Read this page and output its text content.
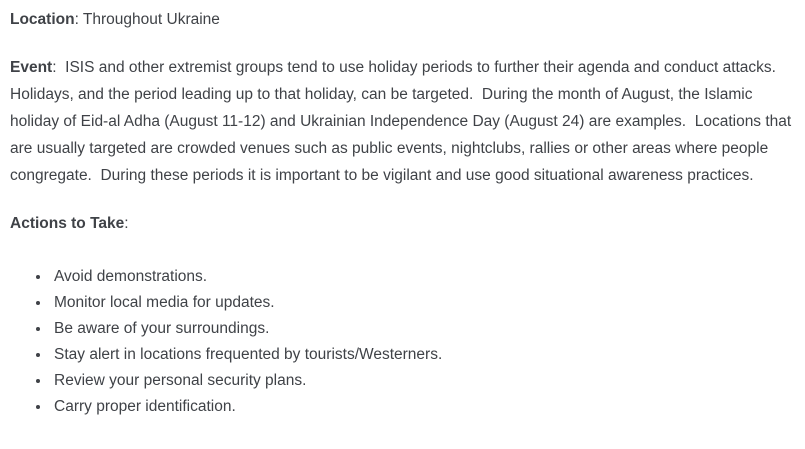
Location: Throughout Ukraine

Event:  ISIS and other extremist groups tend to use holiday periods to further their agenda and conduct attacks.  Holidays, and the period leading up to that holiday, can be targeted.  During the month of August, the Islamic holiday of Eid-al Adha (August 11-12) and Ukrainian Independence Day (August 24) are examples.  Locations that are usually targeted are crowded venues such as public events, nightclubs, rallies or other areas where people congregate.  During these periods it is important to be vigilant and use good situational awareness practices.

Actions to Take:

• Avoid demonstrations.
• Monitor local media for updates.
• Be aware of your surroundings.
• Stay alert in locations frequented by tourists/Westerners.
• Review your personal security plans.
• Carry proper identification.
